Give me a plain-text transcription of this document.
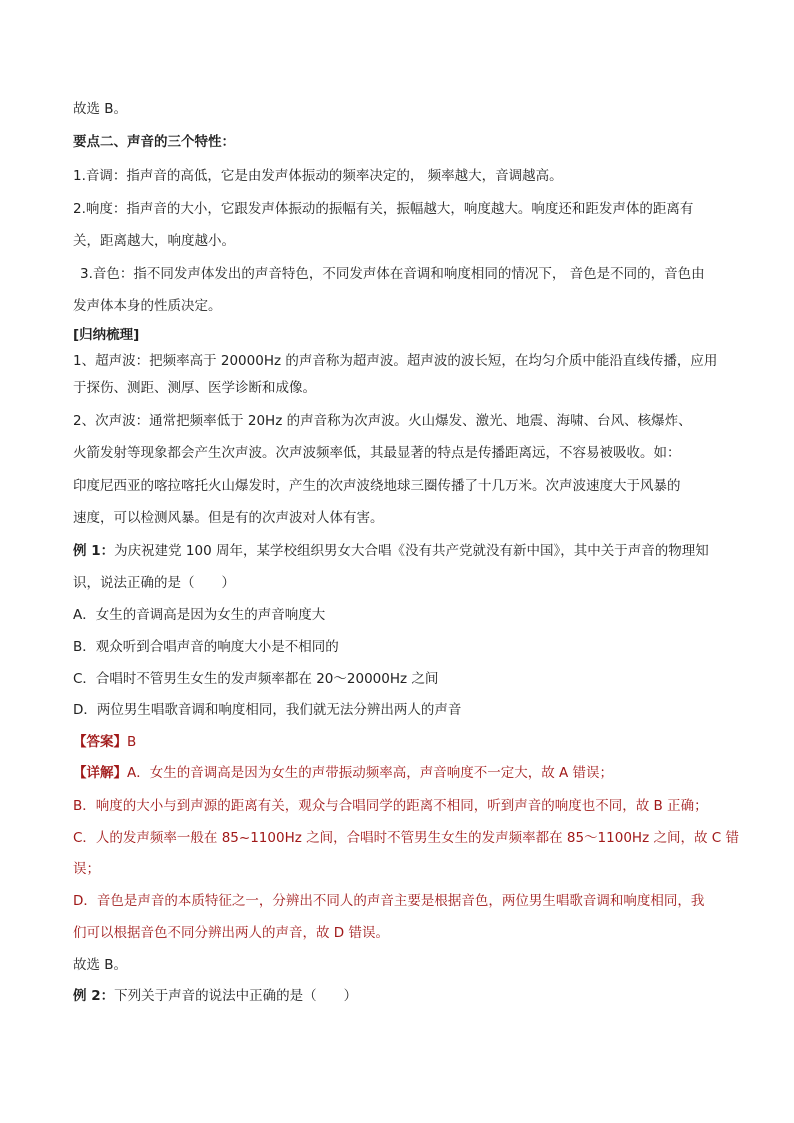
故选 B。
要点二、声音的三个特性：
1.音调：指声音的高低，它是由发声体振动的频率决定的， 频率越大，音调越高。
2.响度：指声音的大小，它跟发声体振动的振幅有关，振幅越大，响度越大。响度还和距发声体的距离有
关，距离越大，响度越小。
3.音色：指不同发声体发出的声音特色，不同发声体在音调和响度相同的情况下， 音色是不同的，音色由
发声体本身的性质决定。
[归纳梳理]
1、超声波：把频率高于 20000Hz 的声音称为超声波。超声波的波长短，在均匀介质中能沿直线传播，应用
于探伤、测距、测厚、医学诊断和成像。
2、次声波：通常把频率低于 20Hz 的声音称为次声波。火山爆发、激光、地震、海啸、台风、核爆炸、
火箭发射等现象都会产生次声波。次声波频率低，其最显著的特点是传播距离远，不容易被吸收。如：
印度尼西亚的喀拉喀托火山爆发时，产生的次声波绕地球三圈传播了十几万米。次声波速度大于风暴的
速度，可以检测风暴。但是有的次声波对人体有害。
例 1：为庆祝建党 100 周年，某学校组织男女大合唱《没有共产党就没有新中国》，其中关于声音的物理知
识，说法正确的是（　　）
A．女生的音调高是因为女生的声音响度大
B．观众听到合唱声音的响度大小是不相同的
C．合唱时不管男生女生的发声频率都在 20～20000Hz 之间
D．两位男生唱歌音调和响度相同，我们就无法分辨出两人的声音
【答案】B
【详解】A．女生的音调高是因为女生的声带振动频率高，声音响度不一定大，故 A 错误；
B．响度的大小与到声源的距离有关，观众与合唱同学的距离不相同，听到声音的响度也不同，故 B 正确；
C．人的发声频率一般在 85~1100Hz 之间，合唱时不管男生女生的发声频率都在 85～1100Hz 之间，故 C 错
误；
D．音色是声音的本质特征之一，分辨出不同人的声音主要是根据音色，两位男生唱歌音调和响度相同，我
们可以根据音色不同分辨出两人的声音，故 D 错误。
故选 B。
例 2：下列关于声音的说法中正确的是（　　）
